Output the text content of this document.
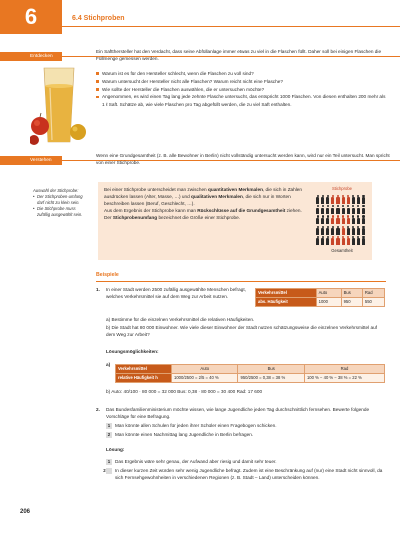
6	6.4 Stichproben
Entdecken
Ein Saftthersteller hat den Verdacht, dass seine Abfüllanlage immer etwas zu viel in die Flaschen füllt. Daher soll bei einigen Flaschen die Füllmenge gemessen werden.
Warum ist es für den Hersteller schlecht, wenn die Flaschen zu voll sind?
Warum untersucht der Hersteller nicht alle Flaschen? Warum reicht nicht eine Flasche?
Wie sollte der Hersteller die Flaschen auswählen, die er untersuchen möchte?
Angenommen, es wird einen Tag lang jede zehnte Flasche untersucht, das entspricht 1000 Flaschen. Von diesen enthalten 200 mehr als 1 ℓ Saft. Schätze ab, wie viele Flaschen pro Tag abgefüllt werden, die zu viel Saft enthalten.
Verstehen
Wenn eine Grundgesamtheit (z. B. alle Bewohner in Berlin) nicht vollständig untersucht werden kann, wird nur ein Teil untersucht. Man spricht von einer Stichprobe.
Auswahl der Stichprobe:
• Der Stichproben-umfang darf nicht zu klein sein.
• Die Stichprobe muss zufällig ausgewählt sein.
Bei einer Stichprobe unterscheidet man zwischen quantitativen Merkmalen, die sich in Zahlen ausdrücken lassen (Alter, Masse, …) und qualitativen Merkmalen, die sich nur in Worten beschreiben lassen (Beruf, Geschlecht, …).
Aus dem Ergebnis der Stichprobe kann man Rückschlüsse auf die Grundgesamtheit ziehen.
Der Stichprobenumfang bezeichnet die Größe einer Stichprobe.
Stichprobe
Gesamtheit
Beispiele
1. In einer Stadt werden 2500 zufällig ausgewählte Menschen befragt, welches Verkehrsmittel sie auf dem Weg zur Arbeit nutzen.
Verkehrsmittel	Auto	Bus	Rad
abs. Häufigkeit	1000	950	550
a) Bestimme für die einzelnen Verkehrsmittel die relativen Häufigkeiten.
b) Die Stadt hat 80 000 Einwohner. Wie viele dieser Einwohner der Stadt nutzen schätzungsweise die einzelnen Verkehrsmittel auf dem Weg zur Arbeit?
Lösungsmöglichkeiten:
a)
Verkehrsmittel	Auto	Bus	Rad
relative Häufigkeit h	1000/2500 = 2/5 = 40 %	950/2500 = 0,38 = 38 %	100 % − 40 % − 38 % = 22 %
b) Auto: 40/100 · 80 000 = 32 000 Bus: 0,38 · 80 000 = 30 400 Rad: 17 600
2. Das Bundesfamilienministerium möchte wissen, wie lange Jugendliche jeden Tag durchschnittlich fernsehen. Bewerte folgende Vorschläge für eine Befragung.
1 Man könnte allen Schulen für jeden ihrer Schüler einen Fragebogen schicken.
2 Man könnte einen Nachmittag lang Jugendliche in Berlin befragen.
Lösung:
1 Das Ergebnis wäre sehr genau, der Aufwand aber riesig und damit sehr teuer.
2 In dieser kurzen Zeit würden sehr wenig Jugendliche befragt. Zudem ist eine Beschränkung auf (nur) eine Stadt nicht sinnvoll, da sich Fernsehgewohnheiten in verschiedenen Regionen (z. B. Stadt – Land) unterscheiden können.
206
